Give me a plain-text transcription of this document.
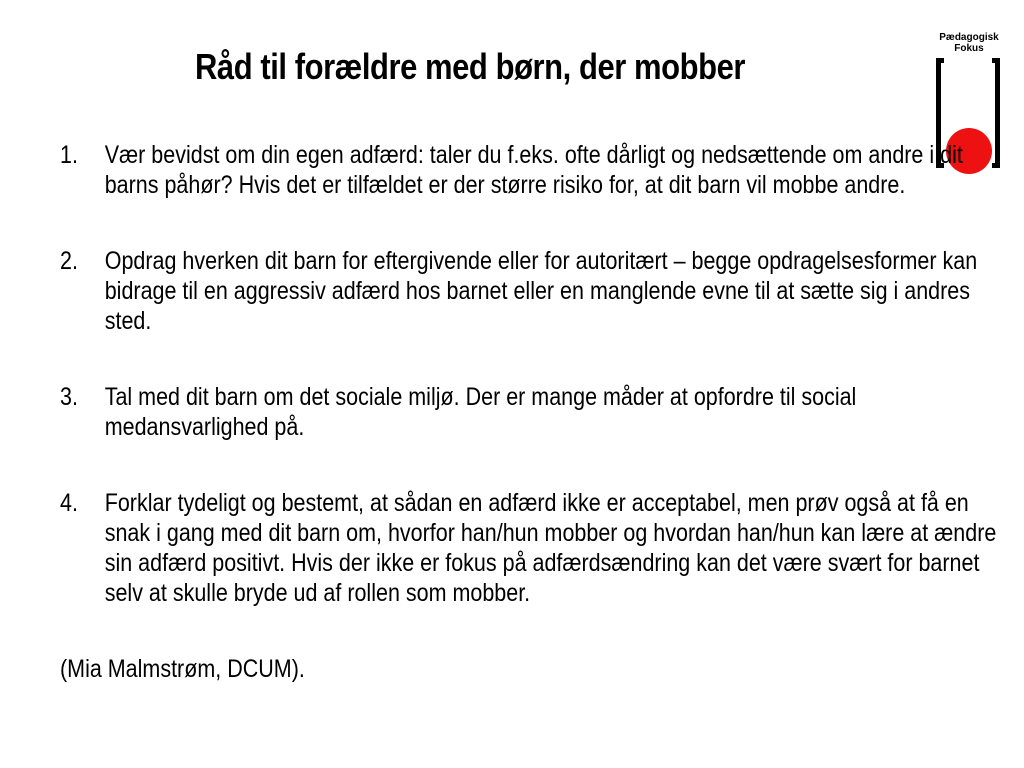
Råd til forældre med børn, der mobber
Pædagogisk
Fokus
1. Vær bevidst om din egen adfærd: taler du f.eks. ofte dårligt og nedsættende om andre i dit barns påhør? Hvis det er tilfældet er der større risiko for, at dit barn vil mobbe andre.
2. Opdrag hverken dit barn for eftergivende eller for autoritært – begge opdragelsesformer kan bidrage til en aggressiv adfærd hos barnet eller en manglende evne til at sætte sig i andres sted.
3. Tal med dit barn om det sociale miljø. Der er mange måder at opfordre til social medansvarlighed på.
4. Forklar tydeligt og bestemt, at sådan en adfærd ikke er acceptabel, men prøv også at få en snak i gang med dit barn om, hvorfor han/hun mobber og hvordan han/hun kan lære at ændre sin adfærd positivt. Hvis der ikke er fokus på adfærdsændring kan det være svært for barnet selv at skulle bryde ud af rollen som mobber.
(Mia Malmstrøm, DCUM).
